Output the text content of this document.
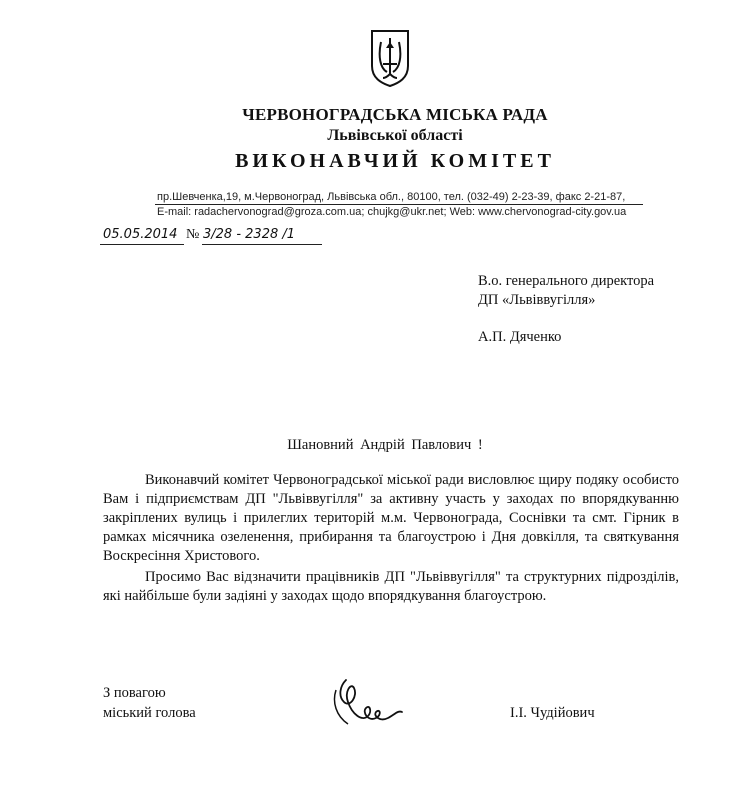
ЧЕРВОНОГРАДСЬКА МІСЬКА РАДА
Львівської області
ВИКОНАВЧИЙ КОМІТЕТ
пр.Шевченка,19, м.Червоноград, Львівська обл., 80100, тел. (032-49) 2-23-39, факс 2-21-87,
E-mail: radachervonograd@groza.com.ua; chujkg@ukr.net; Web: www.chervonograd-city.gov.ua
05.05.2014 № 3/28 - 2328 /1
В.о. генерального директора
ДП «Львіввугілля»
А.П. Дяченко
Шановний Андрій Павлович !

Виконавчий комітет Червоноградської міської ради висловлює щиру подяку особисто Вам і підприємствам ДП "Львіввугілля" за активну участь у заходах по впорядкуванню закріплених вулиць і прилеглих територій м.м. Червонограда, Соснівки та смт. Гірник в рамках місячника озеленення, прибирання та благоустрою і Дня довкілля, та святкування Воскресіння Христового.

Просимо Вас відзначити працівників ДП "Львіввугілля" та структурних підрозділів, які найбільше були задіяні у заходах щодо впорядкування благоустрою.

З повагою
міський голова	І.І. Чудійович
